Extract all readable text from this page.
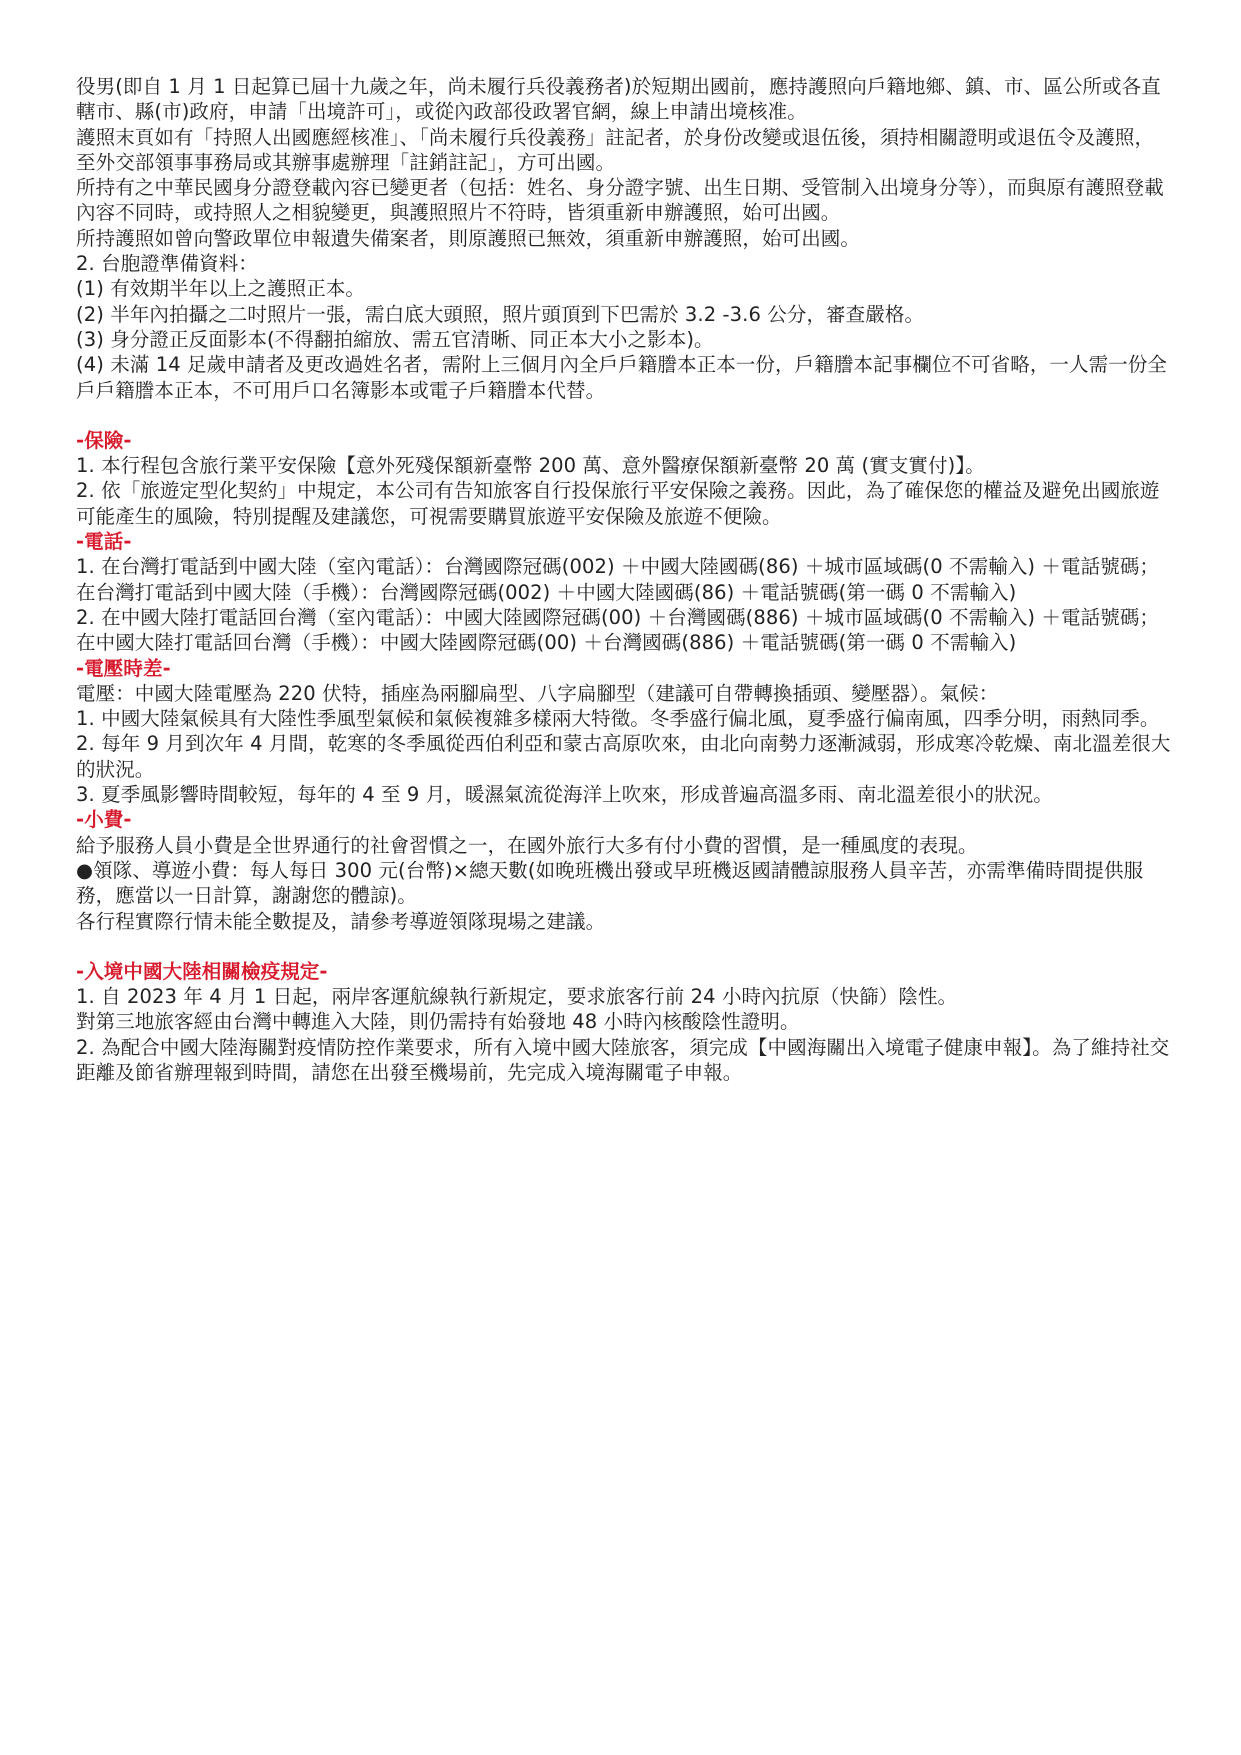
役男(即自 1 月 1 日起算已屆十九歲之年，尚未履行兵役義務者)於短期出國前，應持護照向戶籍地鄉、鎮、市、區公所或各直轄市、縣(市)政府，申請「出境許可」，或從內政部役政署官網，線上申請出境核准。

護照末頁如有「持照人出國應經核准」、「尚未履行兵役義務」註記者，於身份改變或退伍後，須持相關證明或退伍令及護照，至外交部領事事務局或其辦事處辦理「註銷註記」，方可出國。

所持有之中華民國身分證登載內容已變更者（包括：姓名、身分證字號、出生日期、受管制入出境身分等），而與原有護照登載內容不同時，或持照人之相貌變更，與護照照片不符時，皆須重新申辦護照，始可出國。

所持護照如曾向警政單位申報遺失備案者，則原護照已無效，須重新申辦護照，始可出國。

2. 台胞證準備資料：

(1) 有效期半年以上之護照正本。

(2) 半年內拍攝之二吋照片一張，需白底大頭照，照片頭頂到下巴需於 3.2 -3.6 公分，審查嚴格。

(3) 身分證正反面影本(不得翻拍縮放、需五官清晰、同正本大小之影本)。

(4) 未滿 14 足歲申請者及更改過姓名者，需附上三個月內全戶戶籍謄本正本一份，戶籍謄本記事欄位不可省略，一人需一份全戶戶籍謄本正本，不可用戶口名簿影本或電子戶籍謄本代替。

-保險-

1. 本行程包含旅行業平安保險【意外死殘保額新臺幣 200 萬、意外醫療保額新臺幣 20 萬 (實支實付)】。

2. 依「旅遊定型化契約」中規定，本公司有告知旅客自行投保旅行平安保險之義務。因此，為了確保您的權益及避免出國旅遊可能產生的風險，特別提醒及建議您，可視需要購買旅遊平安保險及旅遊不便險。

-電話-

1. 在台灣打電話到中國大陸（室內電話）：台灣國際冠碼(002) ＋中國大陸國碼(86) ＋城市區域碼(0 不需輸入) ＋電話號碼；在台灣打電話到中國大陸（手機）：台灣國際冠碼(002) ＋中國大陸國碼(86) ＋電話號碼(第一碼 0 不需輸入)

2. 在中國大陸打電話回台灣（室內電話）：中國大陸國際冠碼(00) ＋台灣國碼(886) ＋城市區域碼(0 不需輸入) ＋電話號碼；在中國大陸打電話回台灣（手機）：中國大陸國際冠碼(00) ＋台灣國碼(886) ＋電話號碼(第一碼 0 不需輸入)

-電壓時差-

電壓：中國大陸電壓為 220 伏特，插座為兩腳扁型、八字扁腳型（建議可自帶轉換插頭、變壓器）。氣候：

1. 中國大陸氣候具有大陸性季風型氣候和氣候複雜多樣兩大特徵。冬季盛行偏北風，夏季盛行偏南風，四季分明，雨熱同季。

2. 每年 9 月到次年 4 月間，乾寒的冬季風從西伯利亞和蒙古高原吹來，由北向南勢力逐漸減弱，形成寒冷乾燥、南北溫差很大的狀況。

3. 夏季風影響時間較短，每年的 4 至 9 月，暖濕氣流從海洋上吹來，形成普遍高溫多雨、南北溫差很小的狀況。

-小費-

給予服務人員小費是全世界通行的社會習慣之一，在國外旅行大多有付小費的習慣，是一種風度的表現。

●領隊、導遊小費：每人每日 300 元(台幣)×總天數(如晚班機出發或早班機返國請體諒服務人員辛苦，亦需準備時間提供服務，應當以一日計算，謝謝您的體諒)。

各行程實際行情未能全數提及，請參考導遊領隊現場之建議。

-入境中國大陸相關檢疫規定-

1. 自 2023 年 4 月 1 日起，兩岸客運航線執行新規定，要求旅客行前 24 小時內抗原（快篩）陰性。

對第三地旅客經由台灣中轉進入大陸，則仍需持有始發地 48 小時內核酸陰性證明。

2. 為配合中國大陸海關對疫情防控作業要求，所有入境中國大陸旅客，須完成【中國海關出入境電子健康申報】。為了維持社交距離及節省辦理報到時間，請您在出發至機場前，先完成入境海關電子申報。
